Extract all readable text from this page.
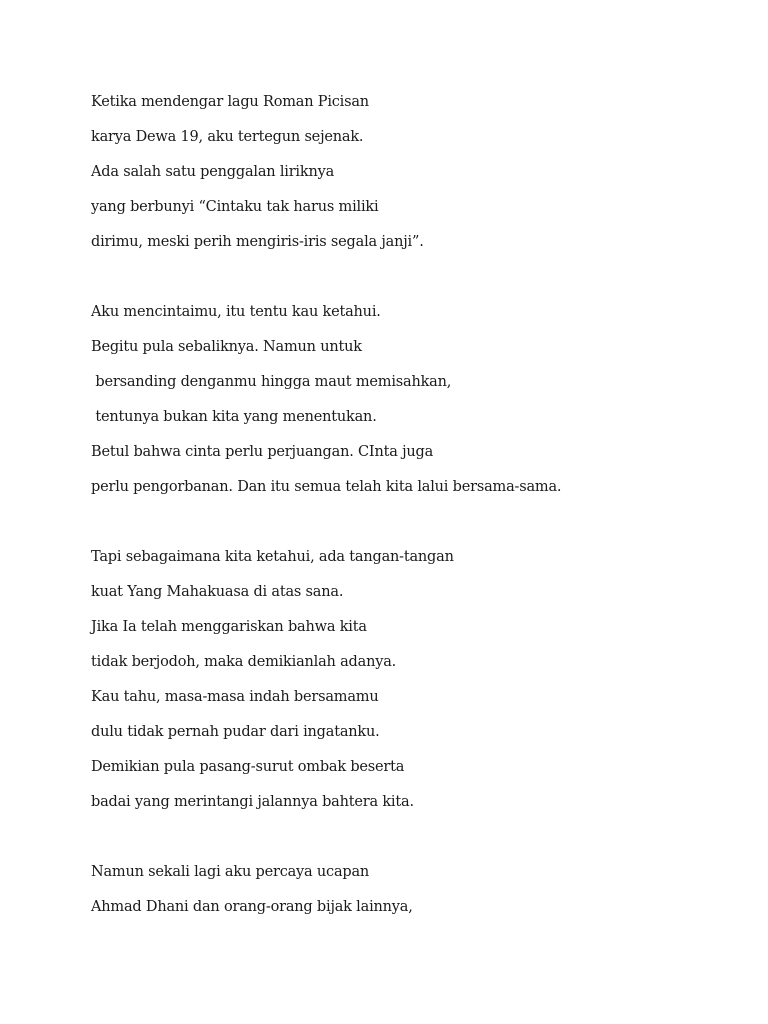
Ketika mendengar lagu Roman Picisan
karya Dewa 19, aku tertegun sejenak.
Ada salah satu penggalan liriknya
yang berbunyi “Cintaku tak harus miliki
dirimu, meski perih mengiris-iris segala janji”.
Aku mencintaimu, itu tentu kau ketahui.
Begitu pula sebaliknya. Namun untuk
bersanding denganmu hingga maut memisahkan,
tentunya bukan kita yang menentukan.
Betul bahwa cinta perlu perjuangan. CInta juga
perlu pengorbanan. Dan itu semua telah kita lalui bersama-sama.
Tapi sebagaimana kita ketahui, ada tangan-tangan
kuat Yang Mahakuasa di atas sana.
Jika Ia telah menggariskan bahwa kita
tidak berjodoh, maka demikianlah adanya.
Kau tahu, masa-masa indah bersamamu
dulu tidak pernah pudar dari ingatanku.
Demikian pula pasang-surut ombak beserta
badai yang merintangi jalannya bahtera kita.
Namun sekali lagi aku percaya ucapan
Ahmad Dhani dan orang-orang bijak lainnya,
